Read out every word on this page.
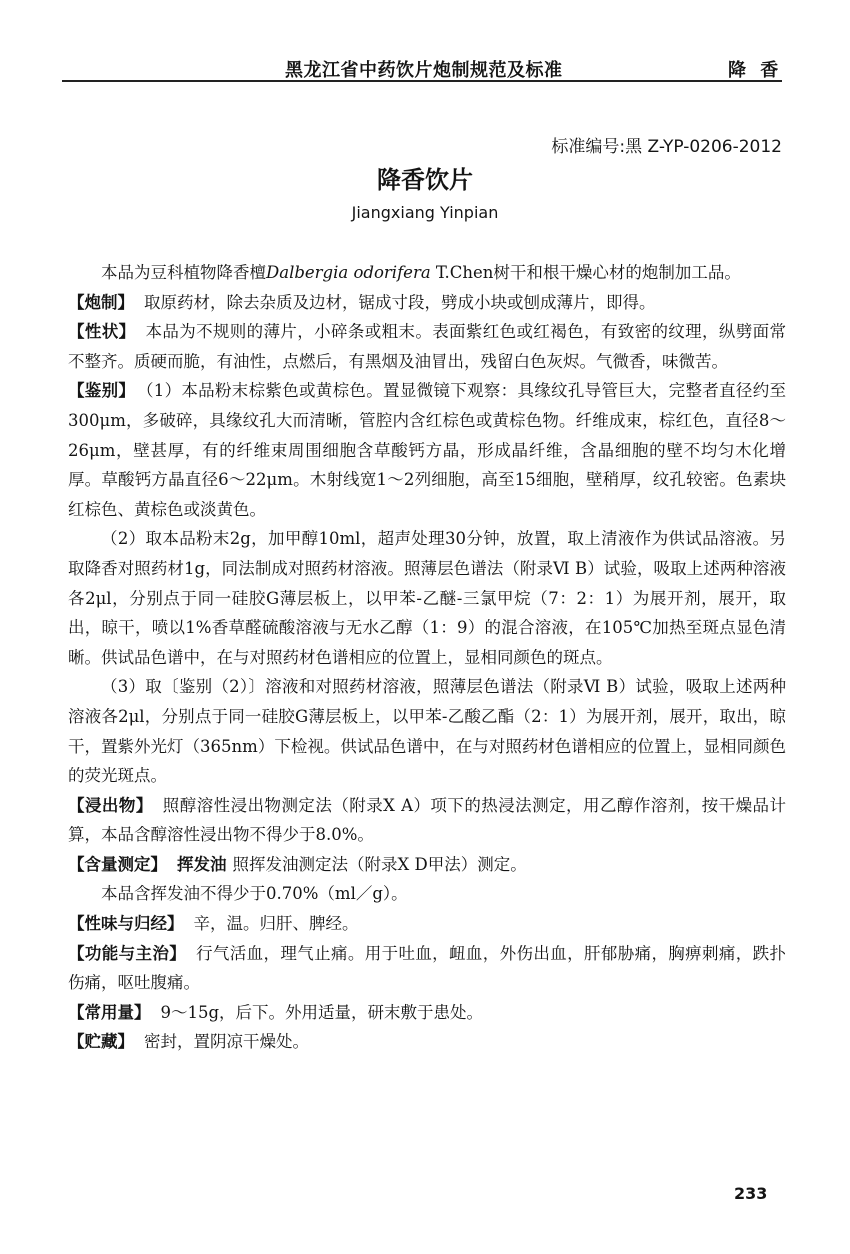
黑龙江省中药饮片炮制规范及标准	降 香
标准编号:黑 Z-YP-0206-2012
降香饮片
Jiangxiang Yinpian

本品为豆科植物降香檀Dalbergia odorifera T.Chen树干和根干燥心材的炮制加工品。

【炮制】 取原药材，除去杂质及边材，锯成寸段，劈成小块或刨成薄片，即得。

【性状】 本品为不规则的薄片，小碎条或粗末。表面紫红色或红褐色，有致密的纹理，纵劈面常不整齐。质硬而脆，有油性，点燃后，有黑烟及油冒出，残留白色灰烬。气微香，味微苦。

【鉴别】 （1）本品粉末棕紫色或黄棕色。置显微镜下观察：具缘纹孔导管巨大，完整者直径约至300μm，多破碎，具缘纹孔大而清晰，管腔内含红棕色或黄棕色物。纤维成束，棕红色，直径8～26μm，壁甚厚，有的纤维束周围细胞含草酸钙方晶，形成晶纤维，含晶细胞的壁不均匀木化增厚。草酸钙方晶直径6～22μm。木射线宽1～2列细胞，高至15细胞，壁稍厚，纹孔较密。色素块红棕色、黄棕色或淡黄色。

（2）取本品粉末2g，加甲醇10ml，超声处理30分钟，放置，取上清液作为供试品溶液。另取降香对照药材1g，同法制成对照药材溶液。照薄层色谱法（附录Ⅵ B）试验，吸取上述两种溶液各2μl，分别点于同一硅胶G薄层板上，以甲苯-乙醚-三氯甲烷（7：2：1）为展开剂，展开，取出，晾干，喷以1%香草醛硫酸溶液与无水乙醇（1：9）的混合溶液，在105℃加热至斑点显色清晰。供试品色谱中，在与对照药材色谱相应的位置上，显相同颜色的斑点。

（3）取〔鉴别（2）〕溶液和对照药材溶液，照薄层色谱法（附录Ⅵ B）试验，吸取上述两种溶液各2μl，分别点于同一硅胶G薄层板上，以甲苯-乙酸乙酯（2：1）为展开剂，展开，取出，晾干，置紫外光灯（365nm）下检视。供试品色谱中，在与对照药材色谱相应的位置上，显相同颜色的荧光斑点。

【浸出物】 照醇溶性浸出物测定法（附录Ⅹ A）项下的热浸法测定，用乙醇作溶剂，按干燥品计算，本品含醇溶性浸出物不得少于8.0%。

【含量测定】 挥发油 照挥发油测定法（附录Ⅹ D甲法）测定。

本品含挥发油不得少于0.70%（ml／g）。

【性味与归经】 辛，温。归肝、脾经。

【功能与主治】 行气活血，理气止痛。用于吐血，衄血，外伤出血，肝郁胁痛，胸痹刺痛，跌扑伤痛，呕吐腹痛。

【常用量】 9～15g，后下。外用适量，研末敷于患处。

【贮藏】 密封，置阴凉干燥处。

233
